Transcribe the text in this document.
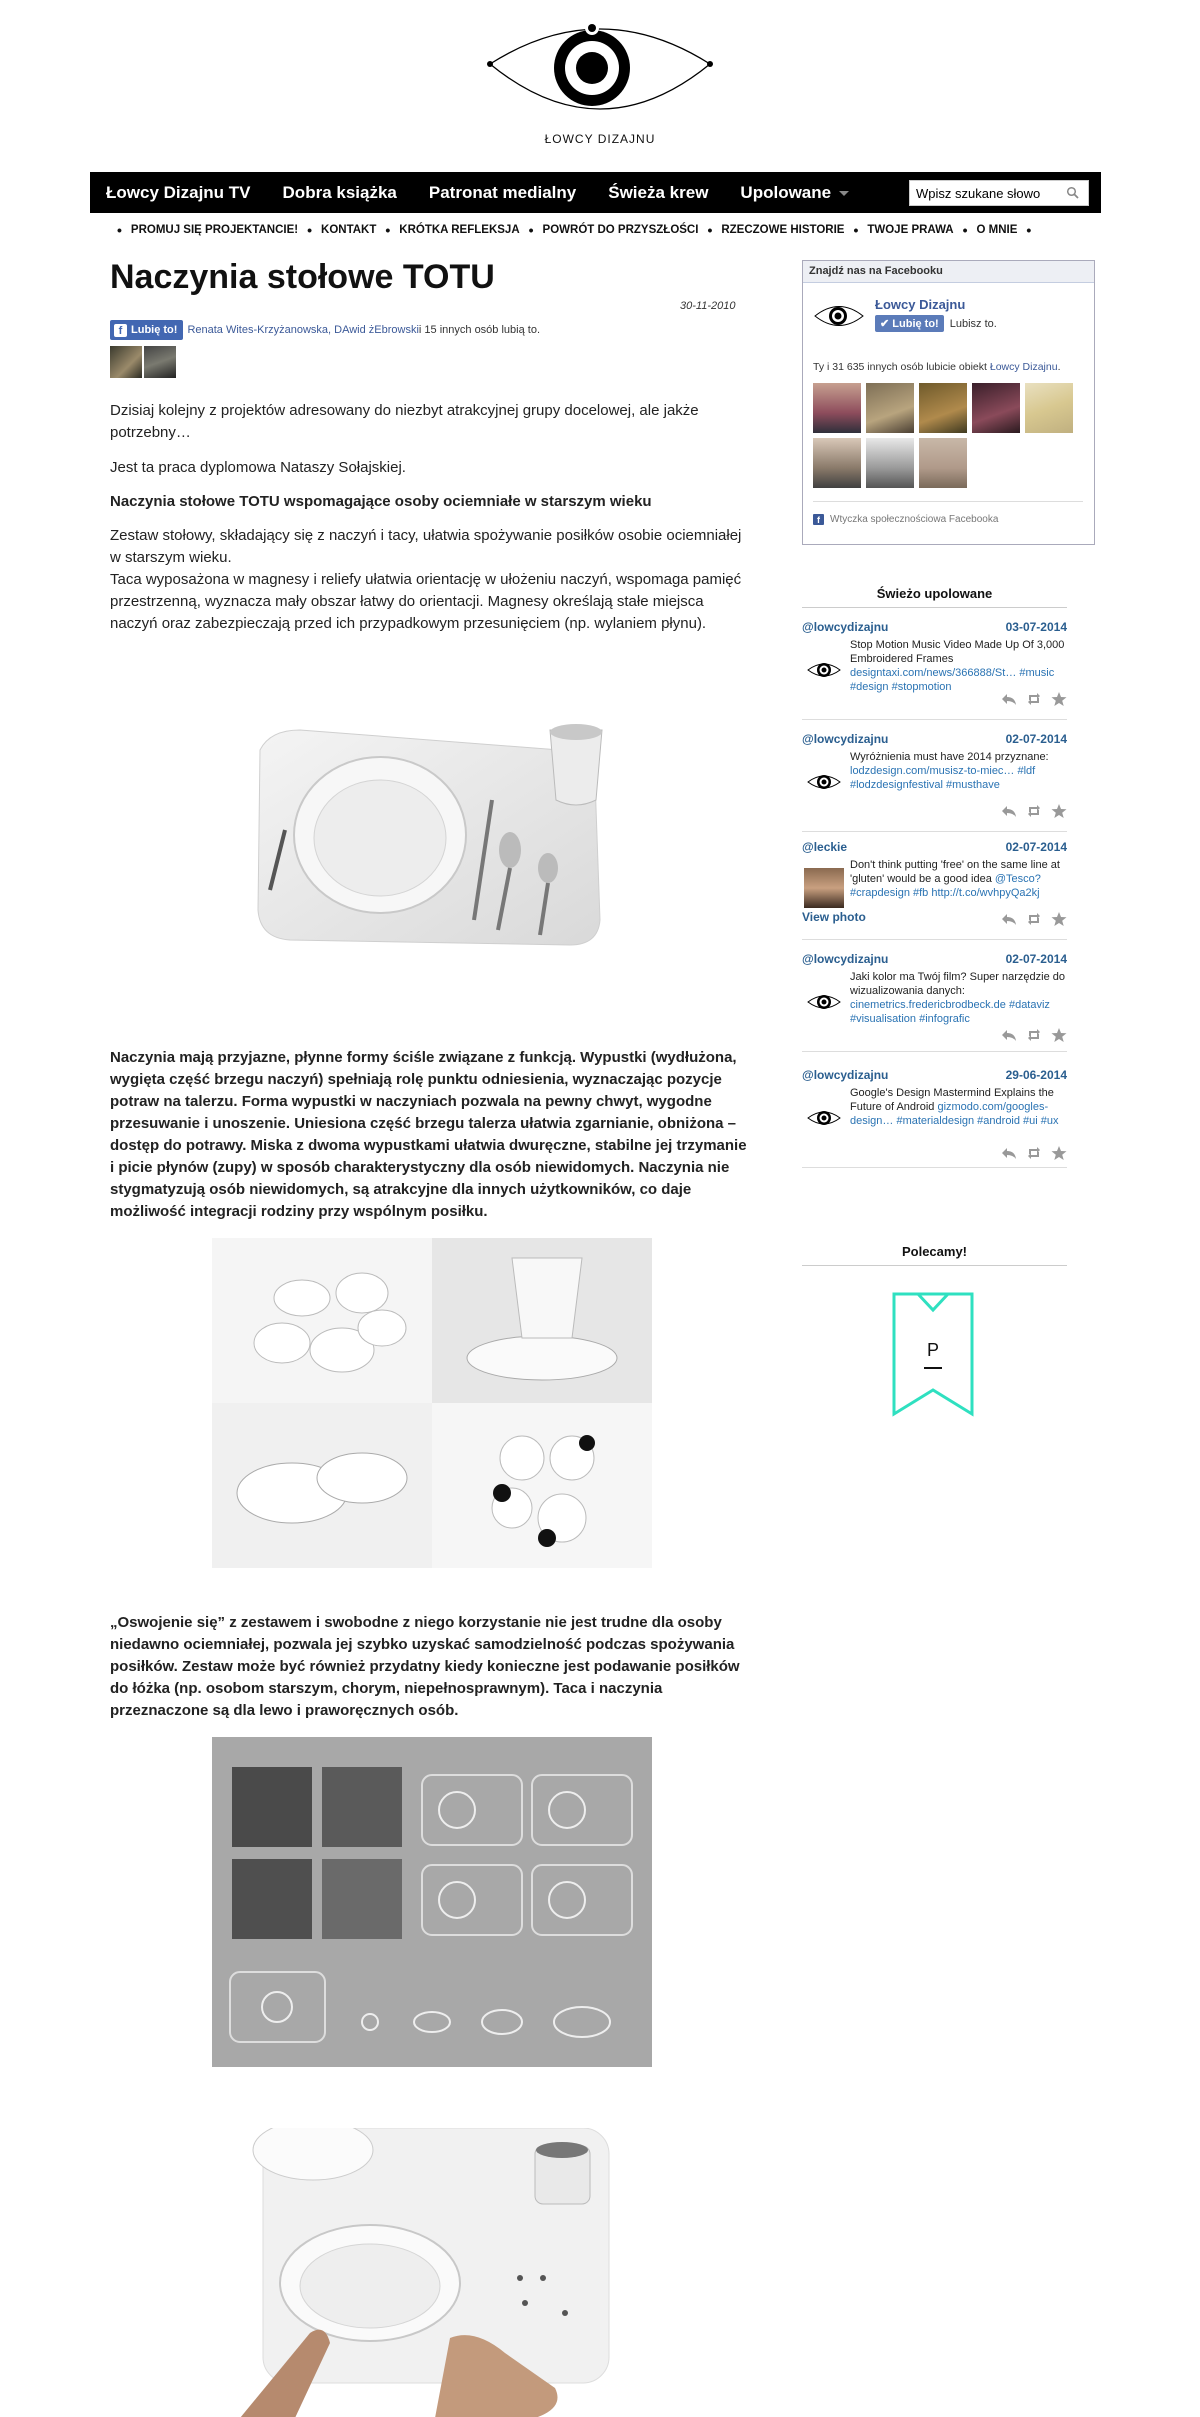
ŁOWCY DIZAJNU
Łowcy Dizajnu TV	Dobra książka	Patronat medialny	Świeża krew	Upolowane
Wpisz szukane słowo
• PROMUJ SIĘ PROJEKTANCIE! • KONTAKT • KRÓTKA REFLEKSJA • POWRÓT DO PRZYSZŁOŚCI • RZECZOWE HISTORIE • TWOJE PRAWA • O MNIE •
Naczynia stołowe TOTU
30-11-2010
f Lubię to! Renata Wites-Krzyżanowska, DAwid żEbrowski i 15 innych osób lubią to.

Dzisiaj kolejny z projektów adresowany do niezbyt atrakcyjnej grupy docelowej, ale jakże potrzebny…

Jest ta praca dyplomowa Nataszy Sołajskiej.

Naczynia stołowe TOTU wspomagające osoby ociemniałe w starszym wieku

Zestaw stołowy, składający się z naczyń i tacy, ułatwia spożywanie posiłków osobie ociemniałej w starszym wieku.

Taca wyposażona w magnesy i reliefy ułatwia orientację w ułożeniu naczyń, wspomaga pamięć przestrzenną, wyznacza mały obszar łatwy do orientacji. Magnesy określają stałe miejsca naczyń oraz zabezpieczają przed ich przypadkowym przesunięciem (np. wylaniem płynu).

Naczynia mają przyjazne, płynne formy ściśle związane z funkcją. Wypustki (wydłużona, wygięta część brzegu naczyń) spełniają rolę punktu odniesienia, wyznaczając pozycje potraw na talerzu. Forma wypustki w naczyniach pozwala na pewny chwyt, wygodne przesuwanie i unoszenie. Uniesiona część brzegu talerza ułatwia zgarnianie, obniżona – dostęp do potrawy. Miska z dwoma wypustkami ułatwia dwuręczne, stabilne jej trzymanie i picie płynów (zupy) w sposób charakterystyczny dla osób niewidomych. Naczynia nie stygmatyzują osób niewidomych, są atrakcyjne dla innych użytkowników, co daje możliwość integracji rodziny przy wspólnym posiłku.

„Oswojenie się” z zestawem i swobodne z niego korzystanie nie jest trudne dla osoby niedawno ociemniałej, pozwala jej szybko uzyskać samodzielność podczas spożywania posiłków. Zestaw może być również przydatny kiedy konieczne jest podawanie posiłków do łóżka (np. osobom starszym, chorym, niepełnosprawnym). Taca i naczynia przeznaczone są dla lewo i praworęcznych osób.

Znajdź nas na Facebooku
Łowcy Dizajnu
✔ Lubię to!	Lubisz to.
Ty i 31 635 innych osób lubicie obiekt Łowcy Dizajnu.
f	Wtyczka społecznościowa Facebooka
Świeżo upolowane
@lowcydizajnu	03-07-2014
Stop Motion Music Video Made Up Of 3,000 Embroidered Frames designtaxi.com/news/366888/St… #music #design #stopmotion
@lowcydizajnu	02-07-2014
Wyróżnienia must have 2014 przyznane: lodzdesign.com/musisz-to-miec… #ldf #lodzdesignfestival #musthave
@leckie	02-07-2014
Don't think putting 'free' on the same line at 'gluten' would be a good idea @Tesco? #crapdesign #fb http://t.co/wvhpyQa2kj
View photo
@lowcydizajnu	02-07-2014
Jaki kolor ma Twój film? Super narzędzie do wizualizowania danych: cinemetrics.fredericbrodbeck.de #dataviz #visualisation #infografic
@lowcydizajnu	29-06-2014
Google's Design Mastermind Explains the Future of Android gizmodo.com/googles-design… #materialdesign #android #ui #ux
Polecamy!
P
